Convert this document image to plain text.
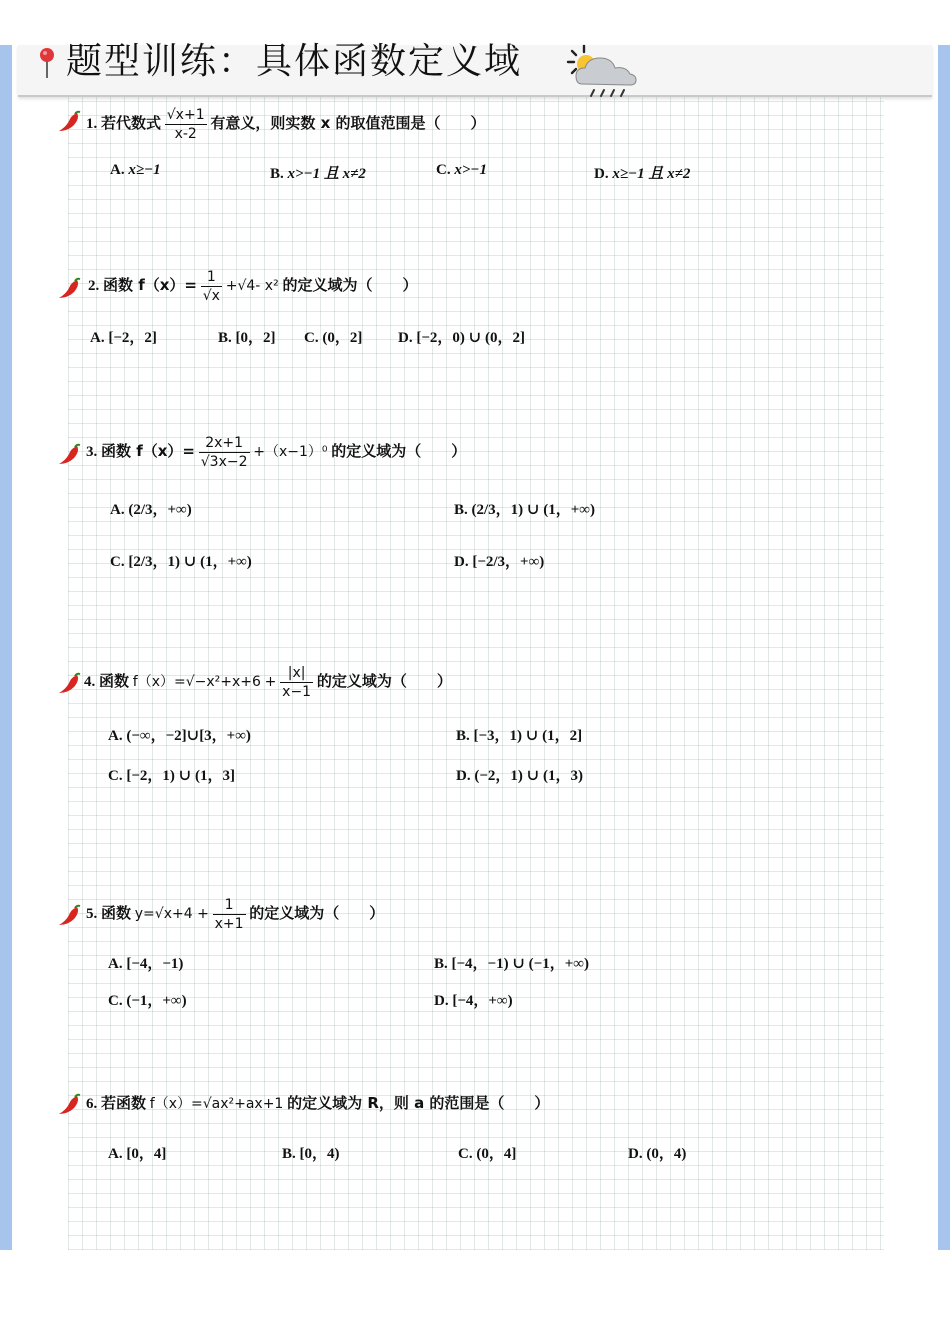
题型训练：具体函数定义域
1. 若代数式 $\frac{√x+1}{x-2}$ 有意义，则实数 x 的取值范围是（　　）
A. x≥−1	B. x>−1 且 x≠2	C. x>−1	D. x≥−1 且 x≠2
2. 函数 $f(x)= \frac{1}{√x} +√4-$ x² 的定义域为（　　）
A. [−2，2]	B. [0，2] C. (0，2] D. [−2，0) ∪ (0，2]
3. 函数 $f(x)= \frac{2x+1}{√3x-2} +(x-1)^0$ 的定义域为（　　）
A. (2/3，+∞)	B. (2/3，1) ∪ (1，+∞)
C. [2/3，1) ∪ (1，+∞)	D. [−2/3，+∞)
4. 函数 $f(x)=√-x^2+x+6 + \frac{|x|}{x-1}$ 的定义域为（　　）
A. (−∞，−2]∪[3，+∞)	B. [−3，1) ∪ (1，2]
C. [−2，1) ∪ (1，3]	D. (−2，1) ∪ (1，3)
5. 函数 $y=√x+4 + \frac{1}{x+1}$ 的定义域为（　　）
A. [−4，−1)	B. [−4，−1) ∪ (−1，+∞)
C. (−1，+∞)	D. [−4，+∞)
6. 若函数 f（x）=√ax²+ax+1 的定义域为 R，则 a 的范围是（　　）
A. [0，4]	B. [0，4)	C. (0，4]	D. (0，4)
